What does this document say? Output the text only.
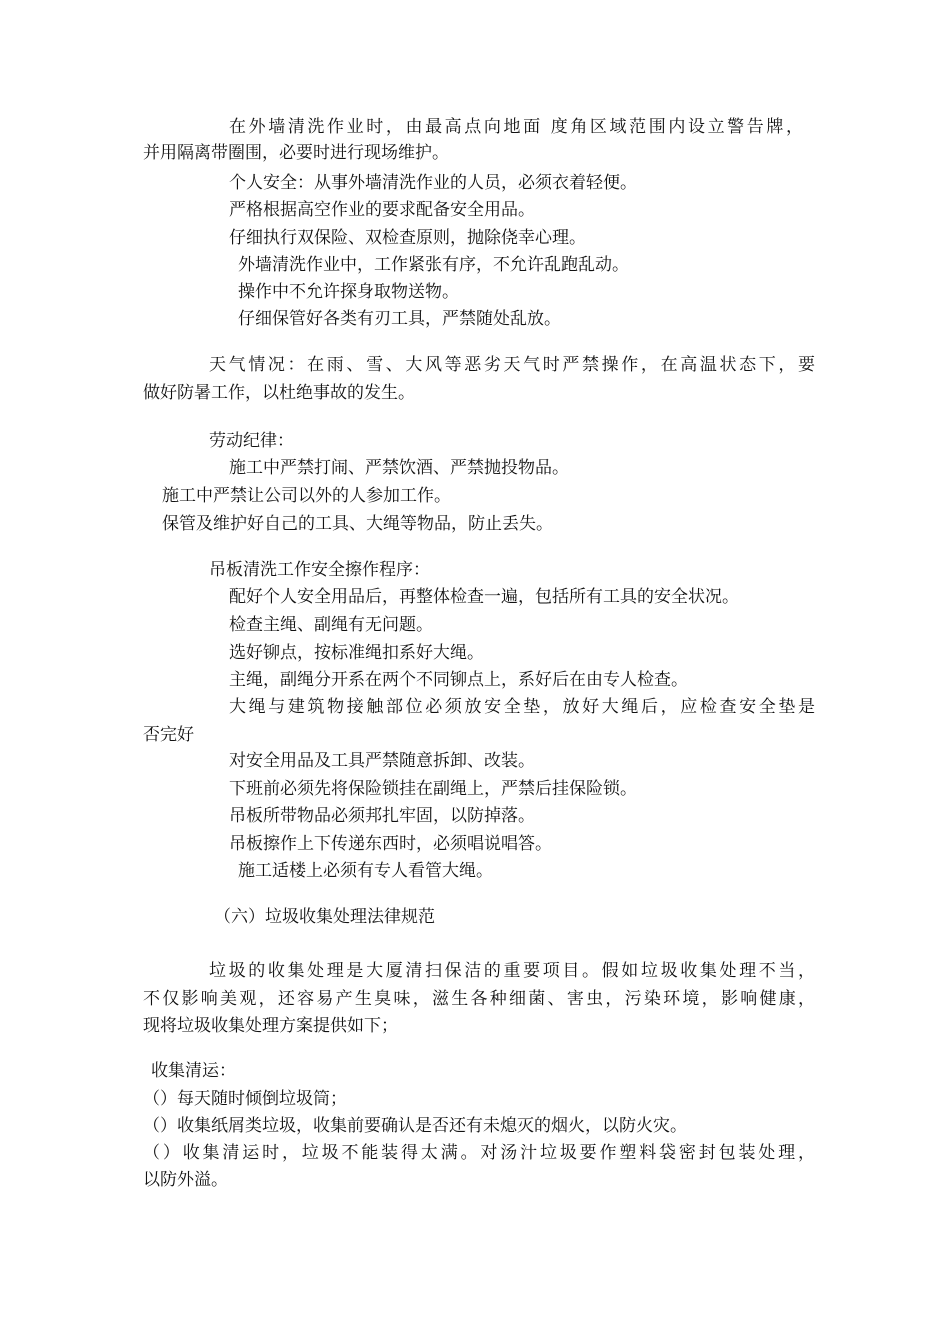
在外墙清洗作业时，由最高点向地面 度角区域范围内设立警告牌，
并用隔离带圈围，必要时进行现场维护。
个人安全：从事外墙清洗作业的人员，必须衣着轻便。
严格根据高空作业的要求配备安全用品。
仔细执行双保险、双检查原则，抛除侥幸心理。
外墙清洗作业中，工作紧张有序，不允许乱跑乱动。
操作中不允许探身取物送物。
仔细保管好各类有刃工具，严禁随处乱放。
天气情况：在雨、雪、大风等恶劣天气时严禁操作，在高温状态下，要
做好防暑工作，以杜绝事故的发生。
劳动纪律：
施工中严禁打闹、严禁饮酒、严禁抛投物品。
施工中严禁让公司以外的人参加工作。
保管及维护好自己的工具、大绳等物品，防止丢失。
吊板清洗工作安全擦作程序：
配好个人安全用品后，再整体检查一遍，包括所有工具的安全状况。
检查主绳、副绳有无问题。
选好铆点，按标准绳扣系好大绳。
主绳，副绳分开系在两个不同铆点上，系好后在由专人检查。
大绳与建筑物接触部位必须放安全垫，放好大绳后，应检查安全垫是
否完好
对安全用品及工具严禁随意拆卸、改装。
下班前必须先将保险锁挂在副绳上，严禁后挂保险锁。
吊板所带物品必须邦扎牢固，以防掉落。
吊板擦作上下传递东西时，必须唱说唱答。
施工适楼上必须有专人看管大绳。
（六）垃圾收集处理法律规范
垃圾的收集处理是大厦清扫保洁的重要项目。假如垃圾收集处理不当，
不仅影响美观，还容易产生臭味，滋生各种细菌、害虫，污染环境，影响健康，
现将垃圾收集处理方案提供如下；
收集清运：
（）每天随时倾倒垃圾筒；
（）收集纸屑类垃圾，收集前要确认是否还有未熄灭的烟火，以防火灾。
（）收集清运时，垃圾不能装得太满。对汤汁垃圾要作塑料袋密封包装处理，
以防外溢。
